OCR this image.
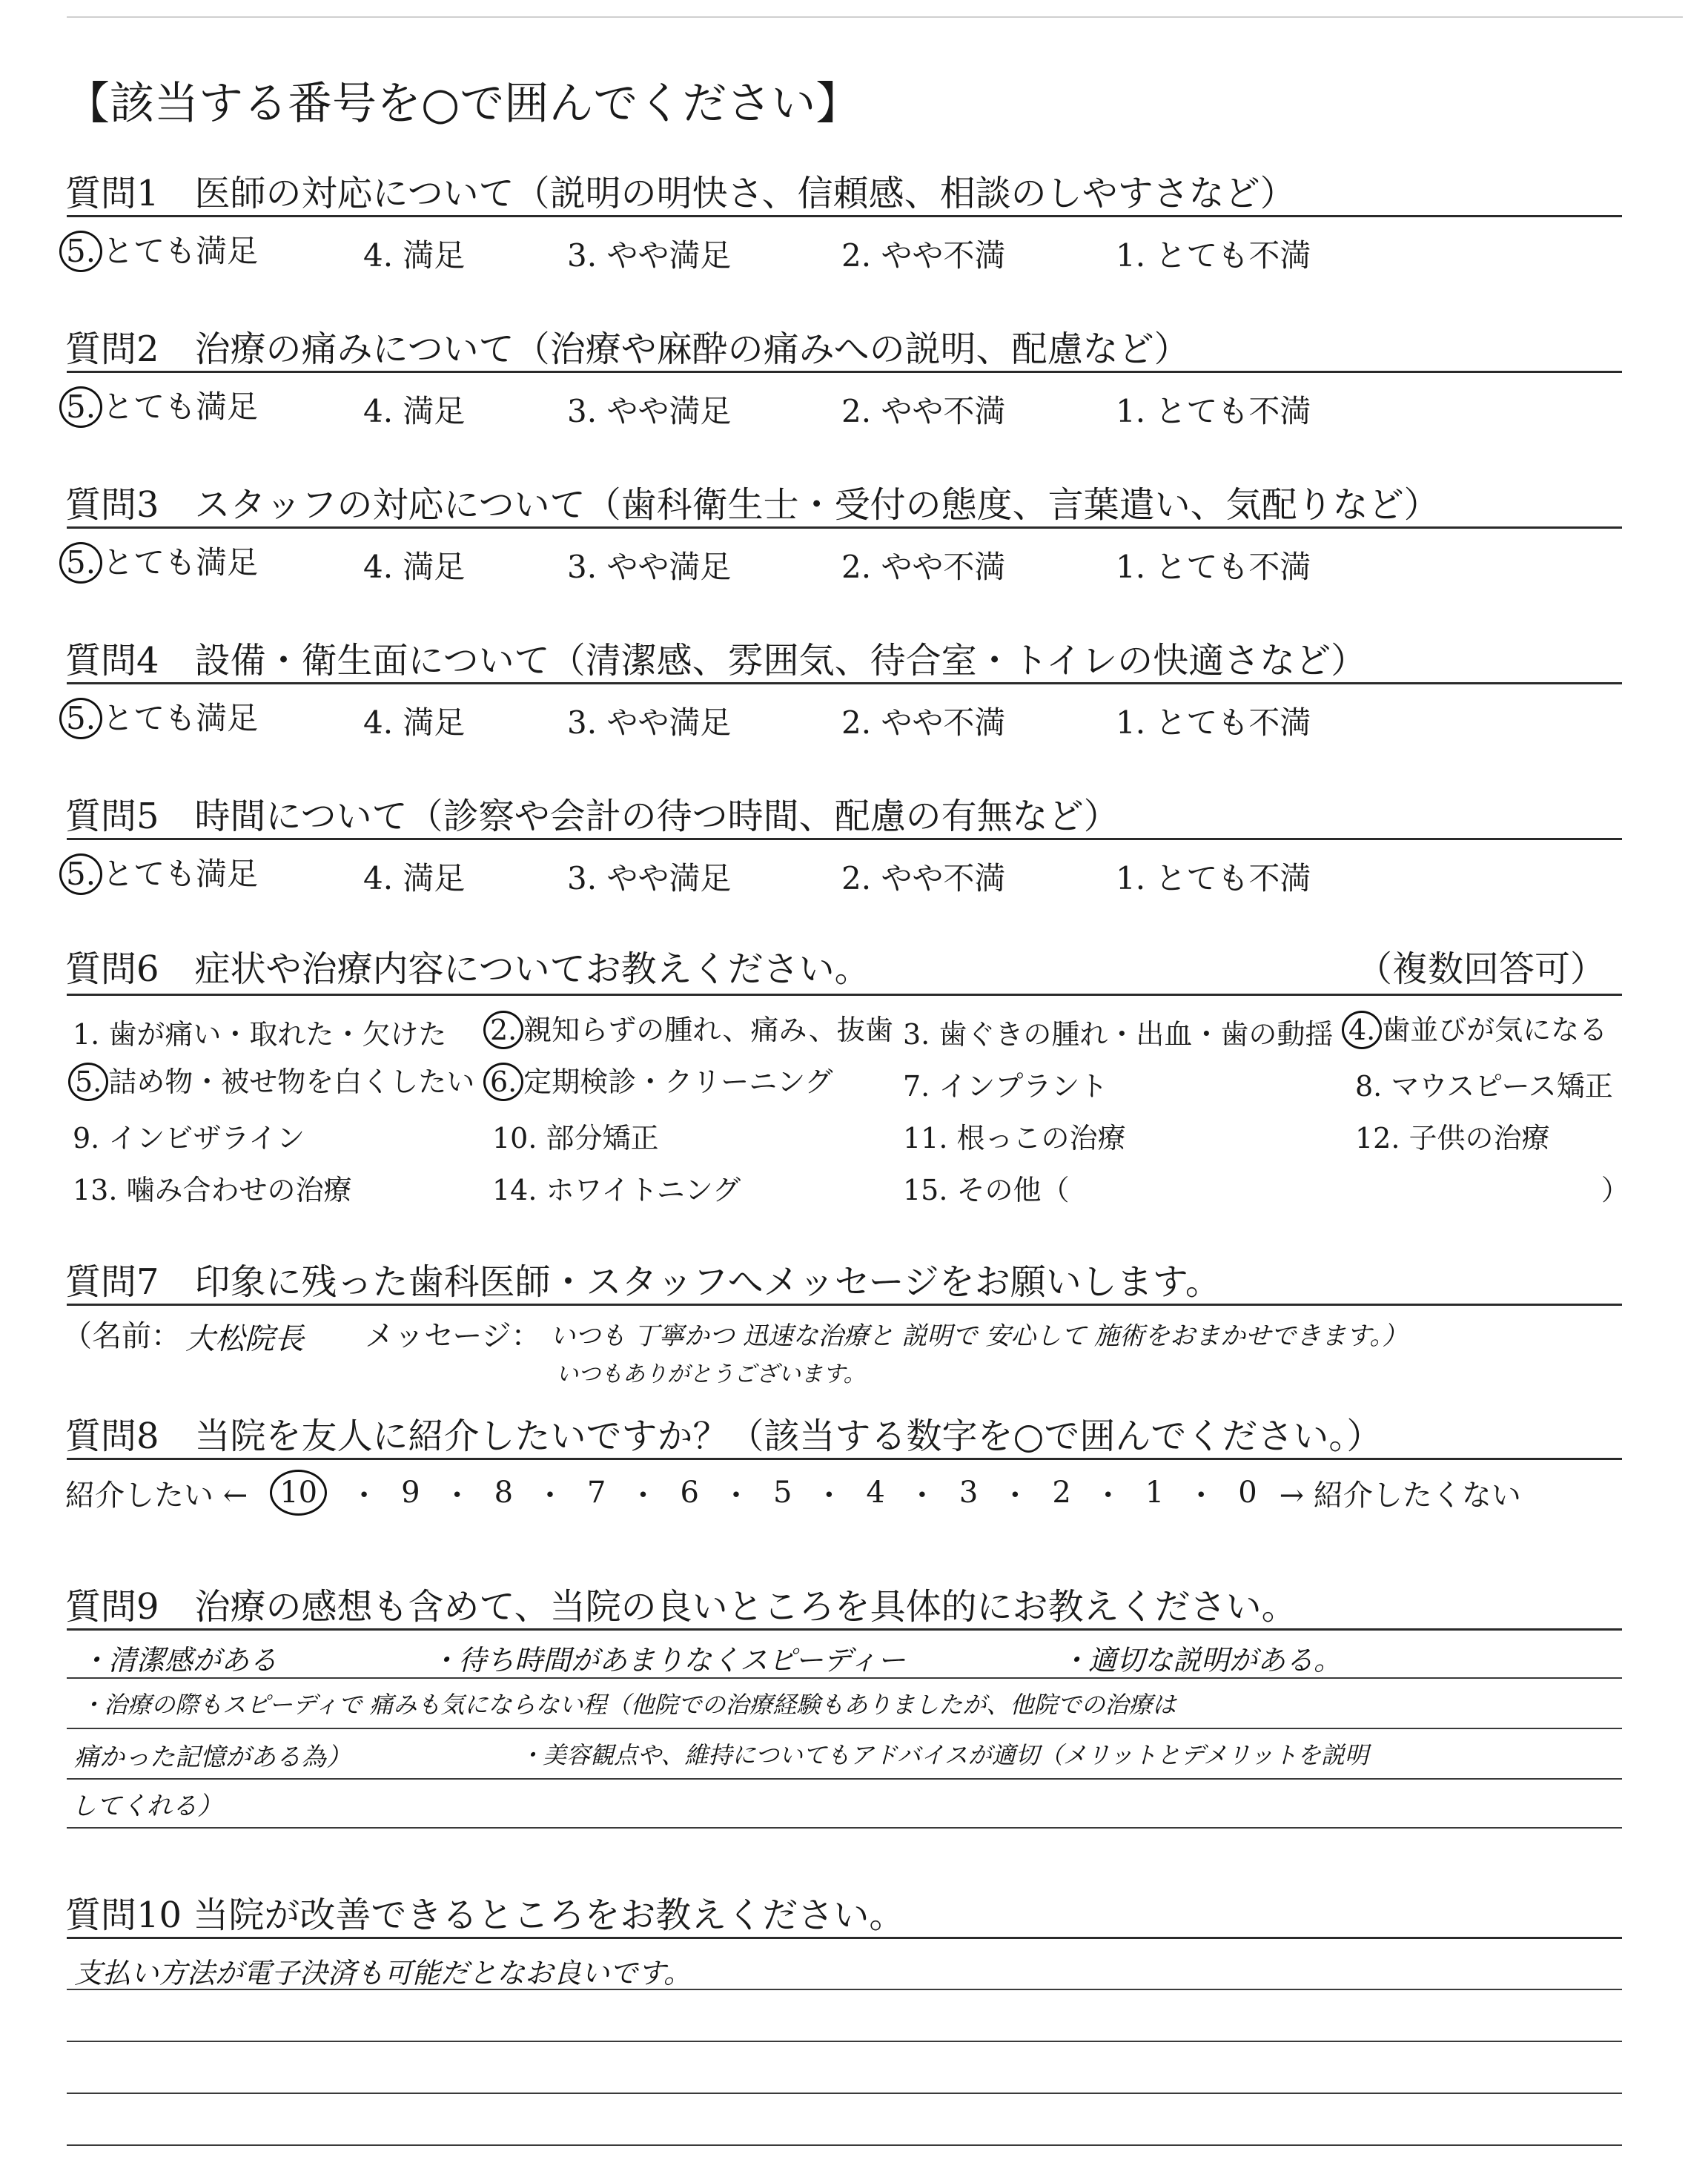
【該当する番号を○で囲んでください】
質問1　医師の対応について（説明の明快さ、信頼感、相談のしやすさなど）
5. とても満足	4. 満足	3. やや満足	2. やや不満	1. とても不満
質問2　治療の痛みについて（治療や麻酔の痛みへの説明、配慮など）
5. とても満足	4. 満足	3. やや満足	2. やや不満	1. とても不満
質問3　スタッフの対応について（歯科衛生士・受付の態度、言葉遣い、気配りなど）
5. とても満足	4. 満足	3. やや満足	2. やや不満	1. とても不満
質問4　設備・衛生面について（清潔感、雰囲気、待合室・トイレの快適さなど）
5. とても満足	4. 満足	3. やや満足	2. やや不満	1. とても不満
質問5　時間について（診察や会計の待つ時間、配慮の有無など）
5. とても満足	4. 満足	3. やや満足	2. やや不満	1. とても不満
質問6　症状や治療内容についてお教えください。	（複数回答可）
1. 歯が痛い・取れた・欠けた 2. 親知らずの腫れ、痛み、抜歯 3. 歯ぐきの腫れ・出血・歯の動揺 4. 歯並びが気になる
5. 詰め物・被せ物を白くしたい 6. 定期検診・クリーニング 7. インプラント	8. マウスピース矯正
9. インビザライン	10. 部分矯正	11. 根っこの治療	12. 子供の治療
13. 噛み合わせの治療	14. ホワイトニング	15. その他（	）
質問7　印象に残った歯科医師・スタッフへメッセージをお願いします。
（名前： 大松院長 メッセージ： いつも 丁寧かつ 迅速な治療と 説明で 安心して 施術をおまかせできます。）
いつもありがとうございます。
質問8　当院を友人に紹介したいですか？（該当する数字を○で囲んでください。）
紹介したい ←	10	・ 9 ・ 8 ・ 7 ・ 6 ・ 5 ・ 4 ・ 3 ・ 2 ・ 1 ・ 0 → 紹介したくない
質問9　治療の感想も含めて、当院の良いところを具体的にお教えください。
・清潔感がある	・待ち時間があまりなくスピーディー	・適切な説明がある。
・治療の際もスピーディで 痛みも気にならない程（他院での治療経験もありましたが、他院での治療は
痛かった記憶がある為）	・美容観点や、維持についてもアドバイスが適切（メリットとデメリットを説明
してくれる）
質問10 当院が改善できるところをお教えください。
支払い方法が電子決済も可能だとなお良いです。
